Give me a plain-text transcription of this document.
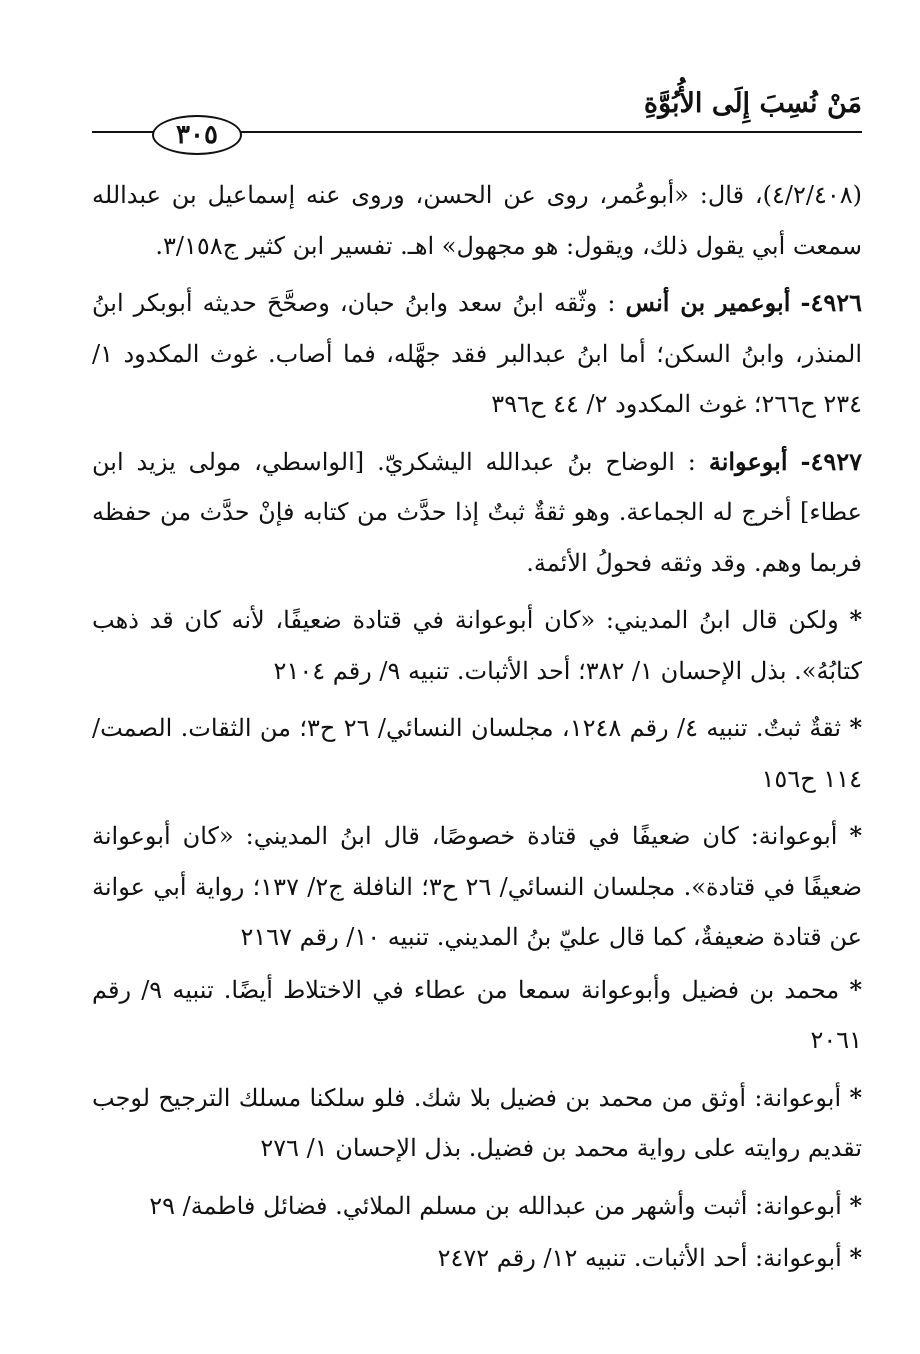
مَنْ نُسِبَ إِلَى الأُبُوَّةِ
٣٠٥

(٤/٢/٤٠٨)، قال: «أبوعُمر، روى عن الحسن، وروى عنه إسماعيل بن عبدالله سمعت أبي يقول ذلك، ويقول: هو مجهول» اهـ. تفسير ابن كثير ج٣/١٥٨.

٤٩٢٦- أبوعمير بن أنس : وثّقه ابنُ سعد وابنُ حبان، وصحَّحَ حديثه أبوبكر ابنُ المنذر، وابنُ السكن؛ أما ابنُ عبدالبر فقد جهَّله، فما أصاب. غوث المكدود ١/ ٢٣٤ ح٢٦٦؛ غوث المكدود ٢/ ٤٤ ح٣٩٦

٤٩٢٧- أبوعوانة : الوضاح بنُ عبدالله اليشكريّ. [الواسطي، مولى يزيد ابن عطاء] أخرج له الجماعة. وهو ثقةٌ ثبتٌ إذا حدَّث من كتابه فإنْ حدَّث من حفظه فربما وهم. وقد وثقه فحولُ الأئمة.

* ولكن قال ابنُ المديني: «كان أبوعوانة في قتادة ضعيفًا، لأنه كان قد ذهب كتابُهُ». بذل الإحسان ١/ ٣٨٢؛ أحد الأثبات. تنبيه ٩/ رقم ٢١٠٤

* ثقةٌ ثبتٌ. تنبيه ٤/ رقم ١٢٤٨، مجلسان النسائي/ ٢٦ ح٣؛ من الثقات. الصمت/ ١١٤ ح١٥٦

* أبوعوانة: كان ضعيفًا في قتادة خصوصًا، قال ابنُ المديني: «كان أبوعوانة ضعيفًا في قتادة». مجلسان النسائي/ ٢٦ ح٣؛ النافلة ج٢/ ١٣٧؛ رواية أبي عوانة عن قتادة ضعيفةٌ، كما قال عليّ بنُ المديني. تنبيه ١٠/ رقم ٢١٦٧

* محمد بن فضيل وأبوعوانة سمعا من عطاء في الاختلاط أيضًا. تنبيه ٩/ رقم ٢٠٦١

* أبوعوانة: أوثق من محمد بن فضيل بلا شك. فلو سلكنا مسلك الترجيح لوجب تقديم روايته على رواية محمد بن فضيل. بذل الإحسان ١/ ٢٧٦

* أبوعوانة: أثبت وأشهر من عبدالله بن مسلم الملائي. فضائل فاطمة/ ٢٩

* أبوعوانة: أحد الأثبات. تنبيه ١٢/ رقم ٢٤٧٢
